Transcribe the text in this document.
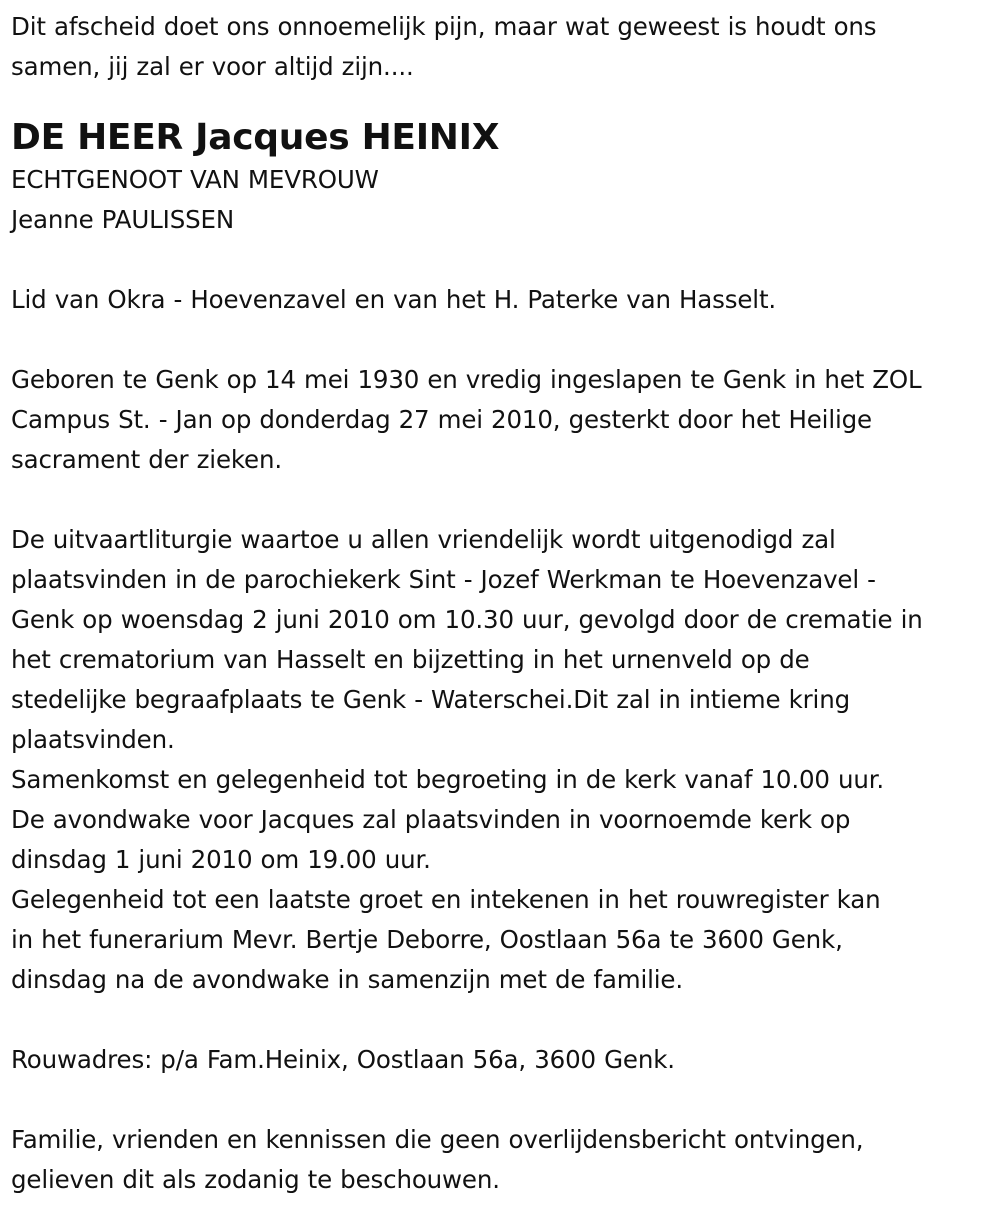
Dit afscheid doet ons onnoemelijk pijn, maar wat geweest is houdt ons

samen, jij zal er voor altijd zijn....

DE HEER Jacques HEINIX

ECHTGENOOT VAN MEVROUW

Jeanne PAULISSEN

Lid van Okra - Hoevenzavel en van het H. Paterke van Hasselt.

Geboren te Genk op 14 mei 1930 en vredig ingeslapen te Genk in het ZOL

Campus St. - Jan op donderdag 27 mei 2010, gesterkt door het Heilige

sacrament der zieken.

De uitvaartliturgie waartoe u allen vriendelijk wordt uitgenodigd zal

plaatsvinden in de parochiekerk Sint - Jozef Werkman te Hoevenzavel -

Genk op woensdag 2 juni 2010 om 10.30 uur, gevolgd door de crematie in

het crematorium van Hasselt en bijzetting in het urnenveld op de

stedelijke begraafplaats te Genk - Waterschei.Dit zal in intieme kring

plaatsvinden.

Samenkomst en gelegenheid tot begroeting in de kerk vanaf 10.00 uur.

De avondwake voor Jacques zal plaatsvinden in voornoemde kerk op

dinsdag 1 juni 2010 om 19.00 uur.

Gelegenheid tot een laatste groet en intekenen in het rouwregister kan

in het funerarium Mevr. Bertje Deborre, Oostlaan 56a te 3600 Genk,

dinsdag na de avondwake in samenzijn met de familie.

Rouwadres: p/a Fam.Heinix, Oostlaan 56a, 3600 Genk.

Familie, vrienden en kennissen die geen overlijdensbericht ontvingen,

gelieven dit als zodanig te beschouwen.
